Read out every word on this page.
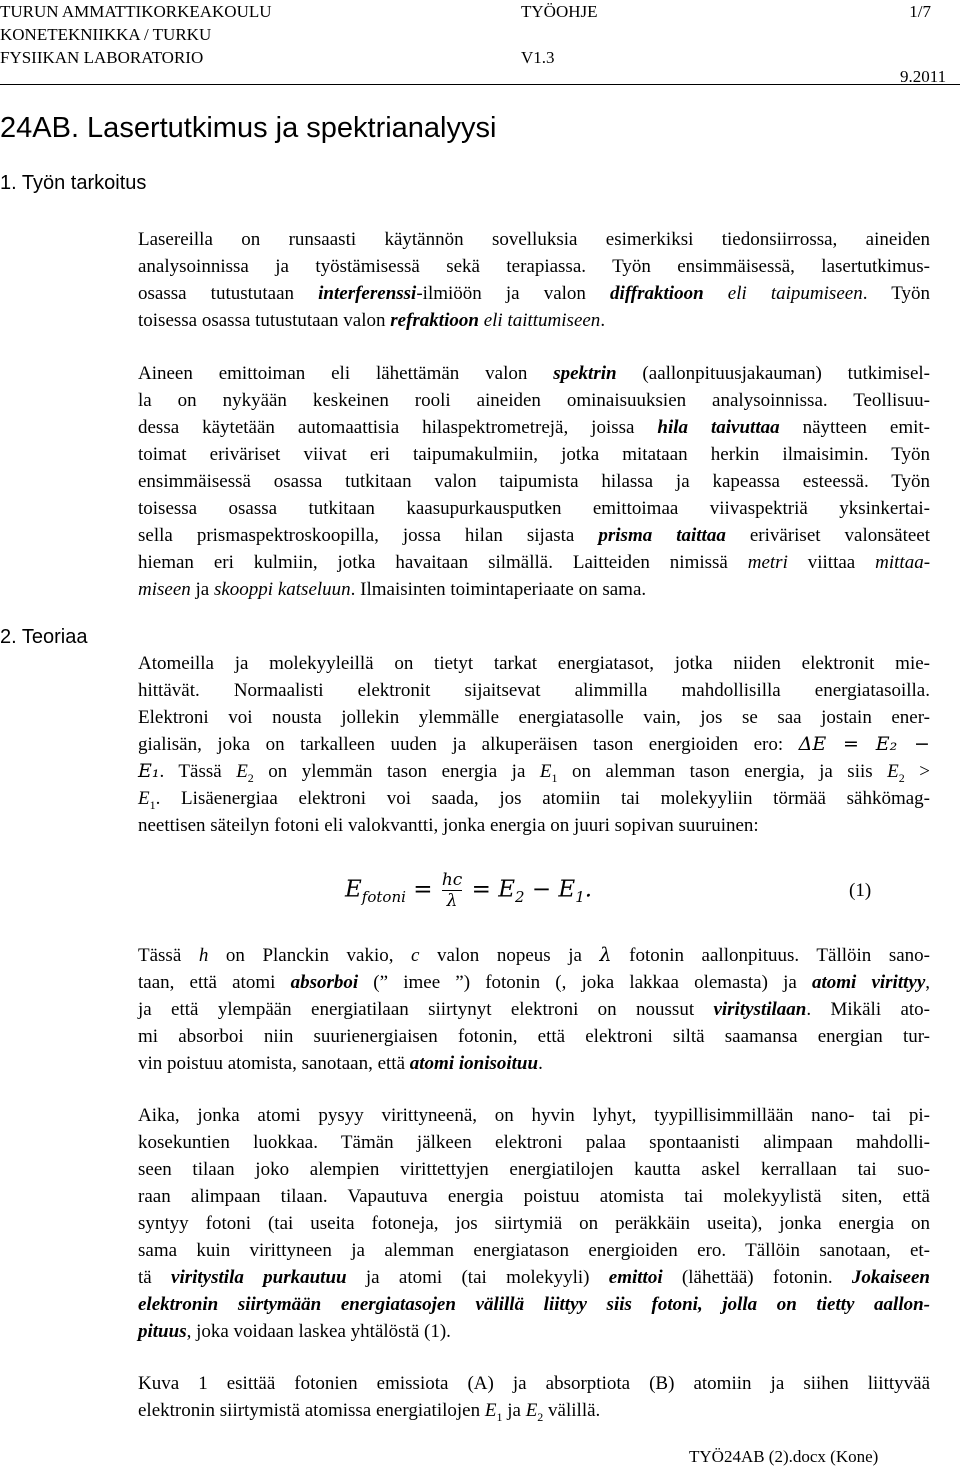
TURUN AMMATTIKORKEAKOULU
KONETEKNIIKKA / TURKU
FYSIIKAN LABORATORIO
TYÖOHJE
V1.3
1/7
9.2011
24AB. Lasertutkimus ja spektrianalyysi
1. Työn tarkoitus
2. Teoriaa
Lasereilla on runsaasti käytännön sovelluksia esimerkiksi tiedonsiirrossa, aineiden
analysoinnissa ja työstämisessä sekä terapiassa. Työn ensimmäisessä, lasertutkimus-
osassa tutustutaan interferenssi-ilmiöön ja valon diffraktioon eli taipumiseen. Työn
toisessa osassa tutustutaan valon refraktioon eli taittumiseen.
Aineen emittoiman eli lähettämän valon spektrin (aallonpituusjakauman) tutkimisel-
la on nykyään keskeinen rooli aineiden ominaisuuksien analysoinnissa. Teollisuu-
dessa käytetään automaattisia hilaspektrometrejä, joissa hila taivuttaa näytteen emit-
toimat eriväriset viivat eri taipumakulmiin, jotka mitataan herkin ilmaisimin. Työn
ensimmäisessä osassa tutkitaan valon taipumista hilassa ja kapeassa esteessä. Työn
toisessa osassa tutkitaan kaasupurkausputken emittoimaa viivaspektriä yksinkertai-
sella prismaspektroskoopilla, jossa hilan sijasta prisma taittaa eriväriset valonsäteet
hieman eri kulmiin, jotka havaitaan silmällä. Laitteiden nimissä metri viittaa mittaa-
miseen ja skooppi katseluun. Ilmaisinten toimintaperiaate on sama.
Atomeilla ja molekyyleillä on tietyt tarkat energiatasot, jotka niiden elektronit mie-
hittävät. Normaalisti elektronit sijaitsevat alimmilla mahdollisilla energiatasoilla.
Elektroni voi nousta jollekin ylemmälle energiatasolle vain, jos se saa jostain ener-
gialisän, joka on tarkalleen uuden ja alkuperäisen tason energioiden ero: ΔE = E₂ −
E₁. Tässä $E_2$ on ylemmän tason energia ja $E_1$ on alemman tason energia, ja siis $E_2$ >
$E_1$. Lisäenergiaa elektroni voi saada, jos atomiin tai molekyyliin törmää sähkömag-
neettisen säteilyn fotoni eli valokvantti, jonka energia on juuri sopivan suuruinen:
$E_{fotoni} = \frac{hc}{\lambda} = E_2 - E_1$.	(1)
Tässä h on Planckin vakio, c valon nopeus ja λ fotonin aallonpituus. Tällöin sano-
taan, että atomi absorboi (” imee ”) fotonin (, joka lakkaa olemasta) ja atomi virittyy,
ja että ylempään energiatilaan siirtynyt elektroni on noussut viritystilaan. Mikäli ato-
mi absorboi niin suurienergiaisen fotonin, että elektroni siltä saamansa energian tur-
vin poistuu atomista, sanotaan, että atomi ionisoituu.
Aika, jonka atomi pysyy virittyneenä, on hyvin lyhyt, tyypillisimmillään nano- tai pi-
kosekuntien luokkaa. Tämän jälkeen elektroni palaa spontaanisti alimpaan mahdolli-
seen tilaan joko alempien virittettyjen energiatilojen kautta askel kerrallaan tai suo-
raan alimpaan tilaan. Vapautuva energia poistuu atomista tai molekyylistä siten, että
syntyy fotoni (tai useita fotoneja, jos siirtymiä on peräkkäin useita), jonka energia on
sama kuin virittyneen ja alemman energiatason energioiden ero. Tällöin sanotaan, et-
tä viritystila purkautuu ja atomi (tai molekyyli) emittoi (lähettää) fotonin. Jokaiseen
elektronin siirtymään energiatasojen välillä liittyy siis fotoni, jolla on tietty aallon-
pituus, joka voidaan laskea yhtälöstä (1).
Kuva 1 esittää fotonien emissiota (A) ja absorptiota (B) atomiin ja siihen liittyvää
elektronin siirtymistä atomissa energiatilojen $E_1$ ja $E_2$ välillä.
TYÖ24AB (2).docx (Kone)
